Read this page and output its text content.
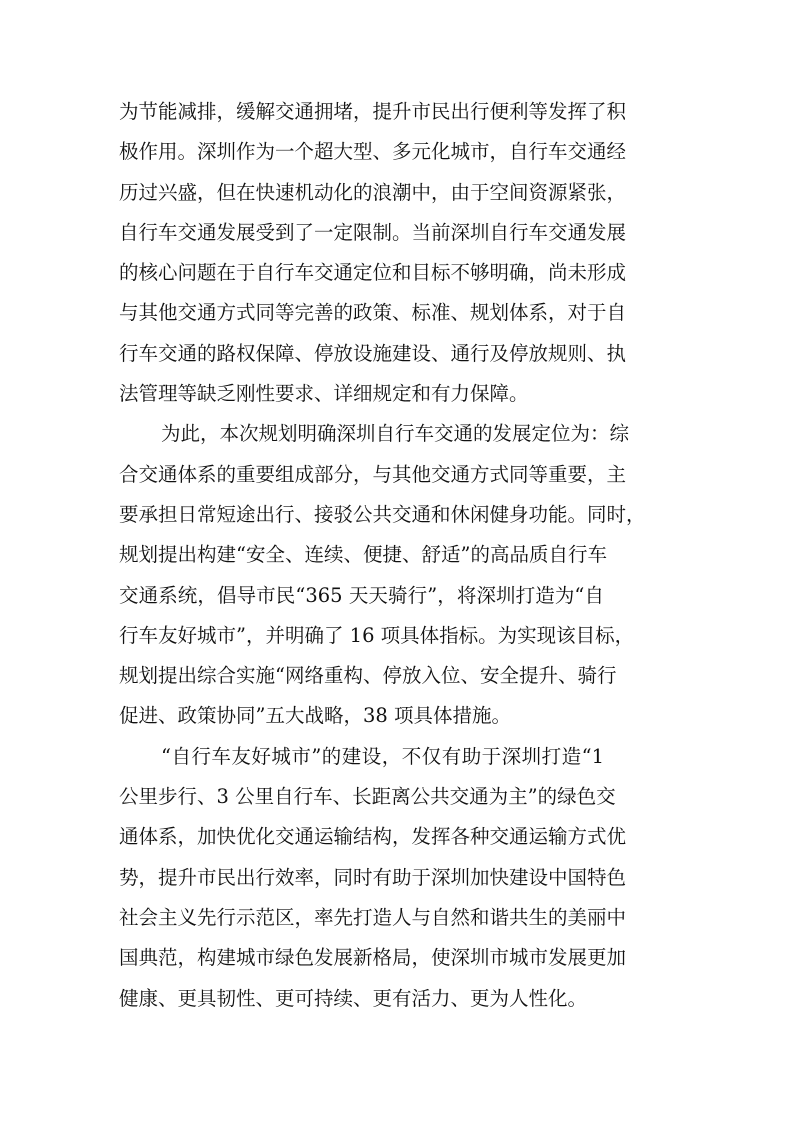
为节能减排，缓解交通拥堵，提升市民出行便利等发挥了积
极作用。深圳作为一个超大型、多元化城市，自行车交通经
历过兴盛，但在快速机动化的浪潮中，由于空间资源紧张，
自行车交通发展受到了一定限制。当前深圳自行车交通发展
的核心问题在于自行车交通定位和目标不够明确，尚未形成
与其他交通方式同等完善的政策、标准、规划体系，对于自
行车交通的路权保障、停放设施建设、通行及停放规则、执
法管理等缺乏刚性要求、详细规定和有力保障。
为此，本次规划明确深圳自行车交通的发展定位为：综
合交通体系的重要组成部分，与其他交通方式同等重要，主
要承担日常短途出行、接驳公共交通和休闲健身功能。同时，
规划提出构建“安全、连续、便捷、舒适”的高品质自行车
交通系统，倡导市民“365 天天骑行”，将深圳打造为“自
行车友好城市”，并明确了 16 项具体指标。为实现该目标，
规划提出综合实施“网络重构、停放入位、安全提升、骑行
促进、政策协同”五大战略，38 项具体措施。
“自行车友好城市”的建设，不仅有助于深圳打造“1
公里步行、3 公里自行车、长距离公共交通为主”的绿色交
通体系，加快优化交通运输结构，发挥各种交通运输方式优
势，提升市民出行效率，同时有助于深圳加快建设中国特色
社会主义先行示范区，率先打造人与自然和谐共生的美丽中
国典范，构建城市绿色发展新格局，使深圳市城市发展更加
健康、更具韧性、更可持续、更有活力、更为人性化。
